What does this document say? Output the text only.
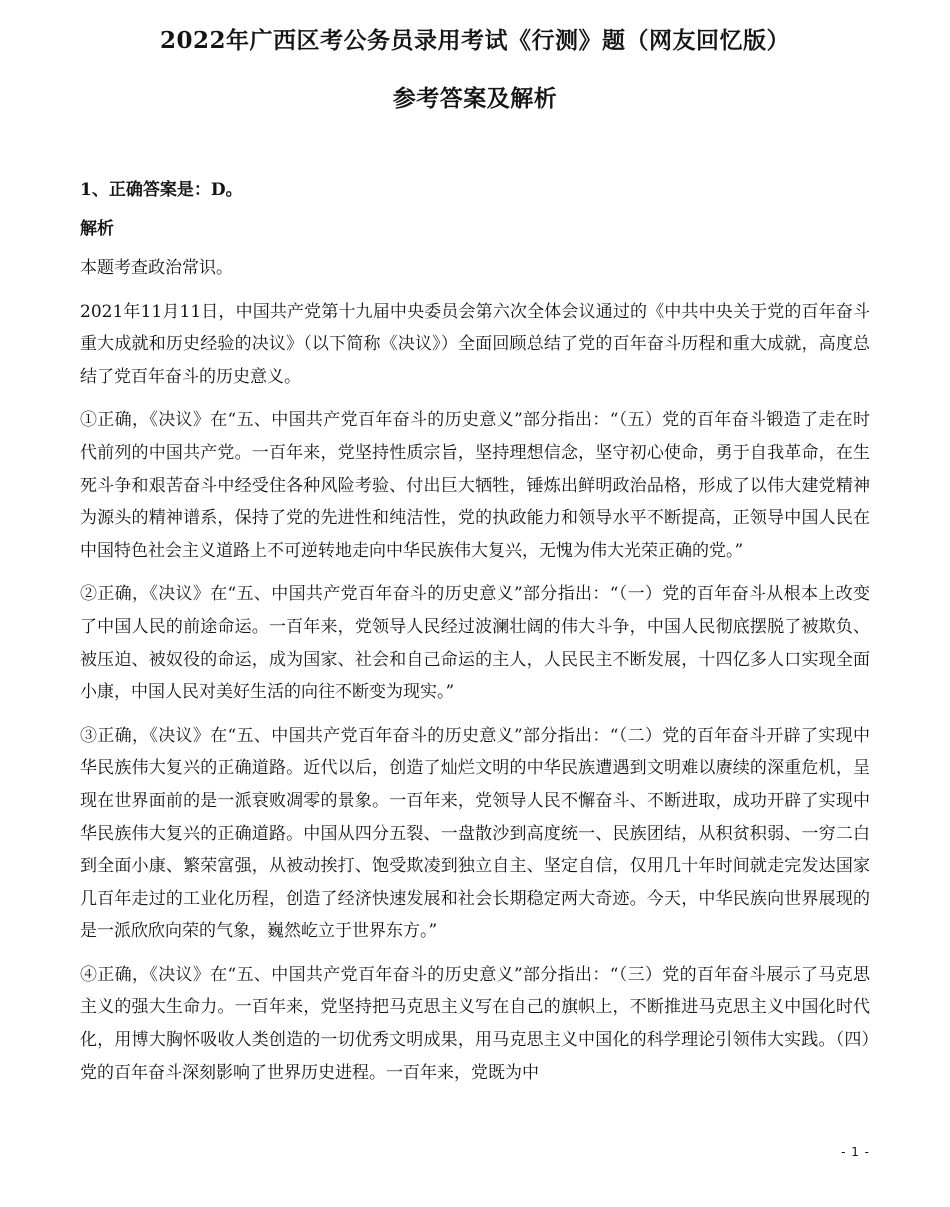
2022年广西区考公务员录用考试《行测》题（网友回忆版）
参考答案及解析
1、正确答案是：D。
解析

本题考查政治常识。

2021年11月11日，中国共产党第十九届中央委员会第六次全体会议通过的《中共中央关于党的百年奋斗重大成就和历史经验的决议》（以下简称《决议》）全面回顾总结了党的百年奋斗历程和重大成就，高度总结了党百年奋斗的历史意义。

①正确，《决议》在“五、中国共产党百年奋斗的历史意义”部分指出：“（五）党的百年奋斗锻造了走在时代前列的中国共产党。一百年来，党坚持性质宗旨，坚持理想信念，坚守初心使命，勇于自我革命，在生死斗争和艰苦奋斗中经受住各种风险考验、付出巨大牺牲，锤炼出鲜明政治品格，形成了以伟大建党精神为源头的精神谱系，保持了党的先进性和纯洁性，党的执政能力和领导水平不断提高，正领导中国人民在中国特色社会主义道路上不可逆转地走向中华民族伟大复兴，无愧为伟大光荣正确的党。”

②正确，《决议》在“五、中国共产党百年奋斗的历史意义”部分指出：“（一）党的百年奋斗从根本上改变了中国人民的前途命运。一百年来，党领导人民经过波澜壮阔的伟大斗争，中国人民彻底摆脱了被欺负、被压迫、被奴役的命运，成为国家、社会和自己命运的主人，人民民主不断发展，十四亿多人口实现全面小康，中国人民对美好生活的向往不断变为现实。”

③正确，《决议》在“五、中国共产党百年奋斗的历史意义”部分指出：“（二）党的百年奋斗开辟了实现中华民族伟大复兴的正确道路。近代以后，创造了灿烂文明的中华民族遭遇到文明难以赓续的深重危机，呈现在世界面前的是一派衰败凋零的景象。一百年来，党领导人民不懈奋斗、不断进取，成功开辟了实现中华民族伟大复兴的正确道路。中国从四分五裂、一盘散沙到高度统一、民族团结，从积贫积弱、一穷二白到全面小康、繁荣富强，从被动挨打、饱受欺凌到独立自主、坚定自信，仅用几十年时间就走完发达国家几百年走过的工业化历程，创造了经济快速发展和社会长期稳定两大奇迹。今天，中华民族向世界展现的是一派欣欣向荣的气象，巍然屹立于世界东方。”

④正确，《决议》在“五、中国共产党百年奋斗的历史意义”部分指出：“（三）党的百年奋斗展示了马克思主义的强大生命力。一百年来，党坚持把马克思主义写在自己的旗帜上，不断推进马克思主义中国化时代化，用博大胸怀吸收人类创造的一切优秀文明成果，用马克思主义中国化的科学理论引领伟大实践。（四）党的百年奋斗深刻影响了世界历史进程。一百年来，党既为中

- 1 -
